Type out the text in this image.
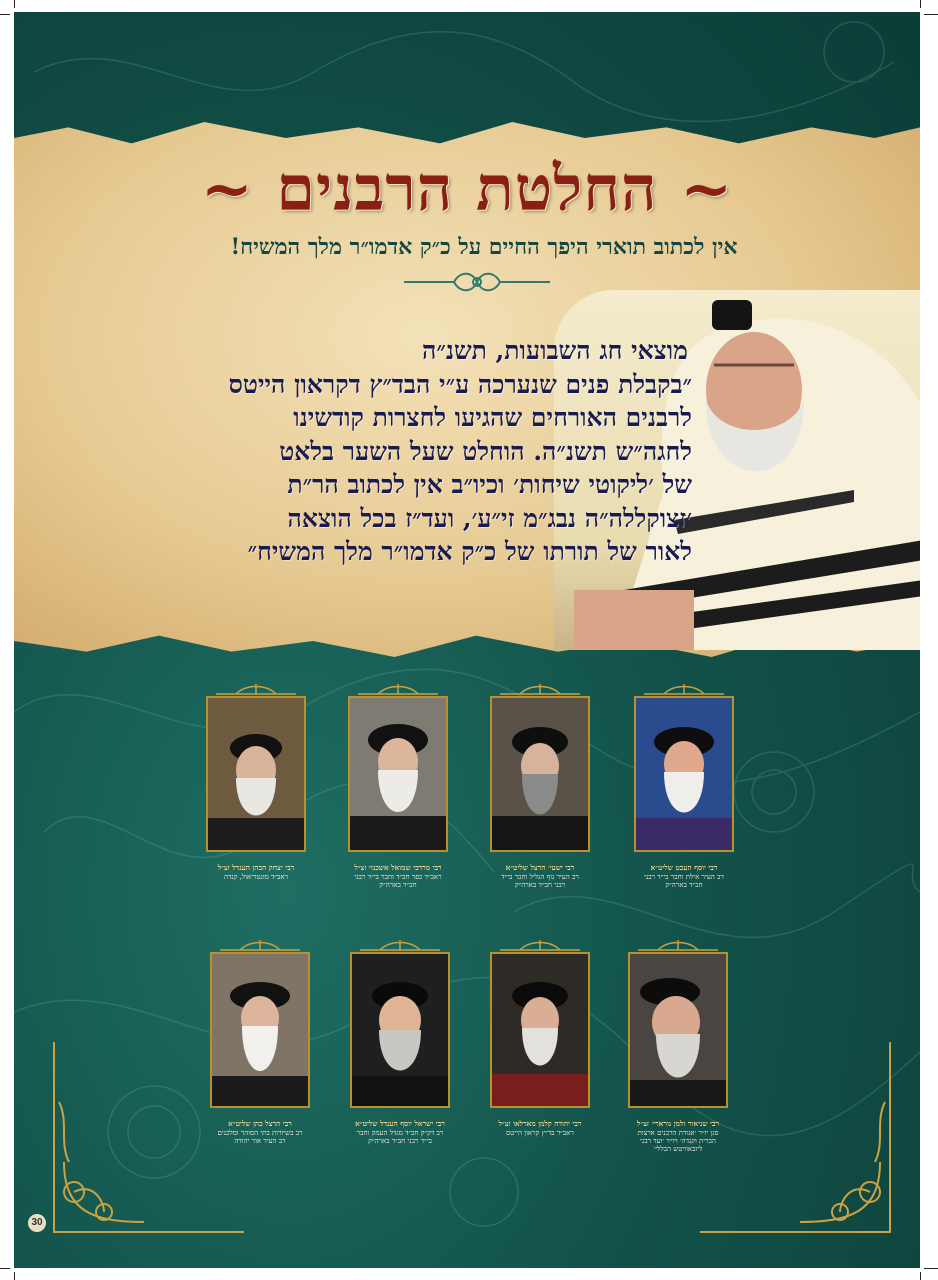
~ החלטת הרבנים ~
אין לכתוב תוארי היפך החיים על כ״ק אדמו״ר מלך המשיח!
מוצאי חג השבועות, תשנ״ה
״בקבלת פנים שנערכה ע״י הבד״ץ דקראון הייטס
לרבנים האורחים שהגיעו לחצרות קודשינו
לחגה״ש תשנ״ה. הוחלט שעל השער בלאט
של ׳ליקוטי שיחות׳ וכיו״ב אין לכתוב הר״ת
׳זצוקללה״ה נבג״מ זי״ע׳, ועד״ז בכל הוצאה
לאור של תורתו של כ״ק אדמו״ר מלך המשיח״
רבי יצחק הכהן הענדל זצ״ל
ראב״ד מונטריאול, קנדה
רבי מרדכי שמואל אשכנזי זצ״ל
ראב״ד כפר חב״ד וחבר בי״ד רבני
חב״ד בארה״ק
רבי ישעי׳ הרצל שליט״א
רב העיר נוף הגליל וחבר בי״ד
רבני חב״ד בארה״ק
רבי יוסף העכט שליט״א
רב העיר אילת וחבר בי״ד רבני
חב״ד בארה״ק
רבי הרצל כהן שליט״א
רב בשיורות בתי הסוהר ומלכנים
רב העיר אור יהודה
רבי ישראל יוסף הענדל שליט״א
רב דק״ק חב״ד מגדל העמק וחבר
בי״ד רבני חב״ד בארה״ק
רבי יהודה קלמן מארלאו זצ״ל
ראב״ד בד״ץ קראון הייטס
רבי שניאור זלמן גורארי׳ זצ״ל
סגן יו״ר ׳אגודת הרבנים ארצות
הברית וקנדה׳ ויו״ר ׳ועד רבני
ליובאוויטש הכללי׳
30
